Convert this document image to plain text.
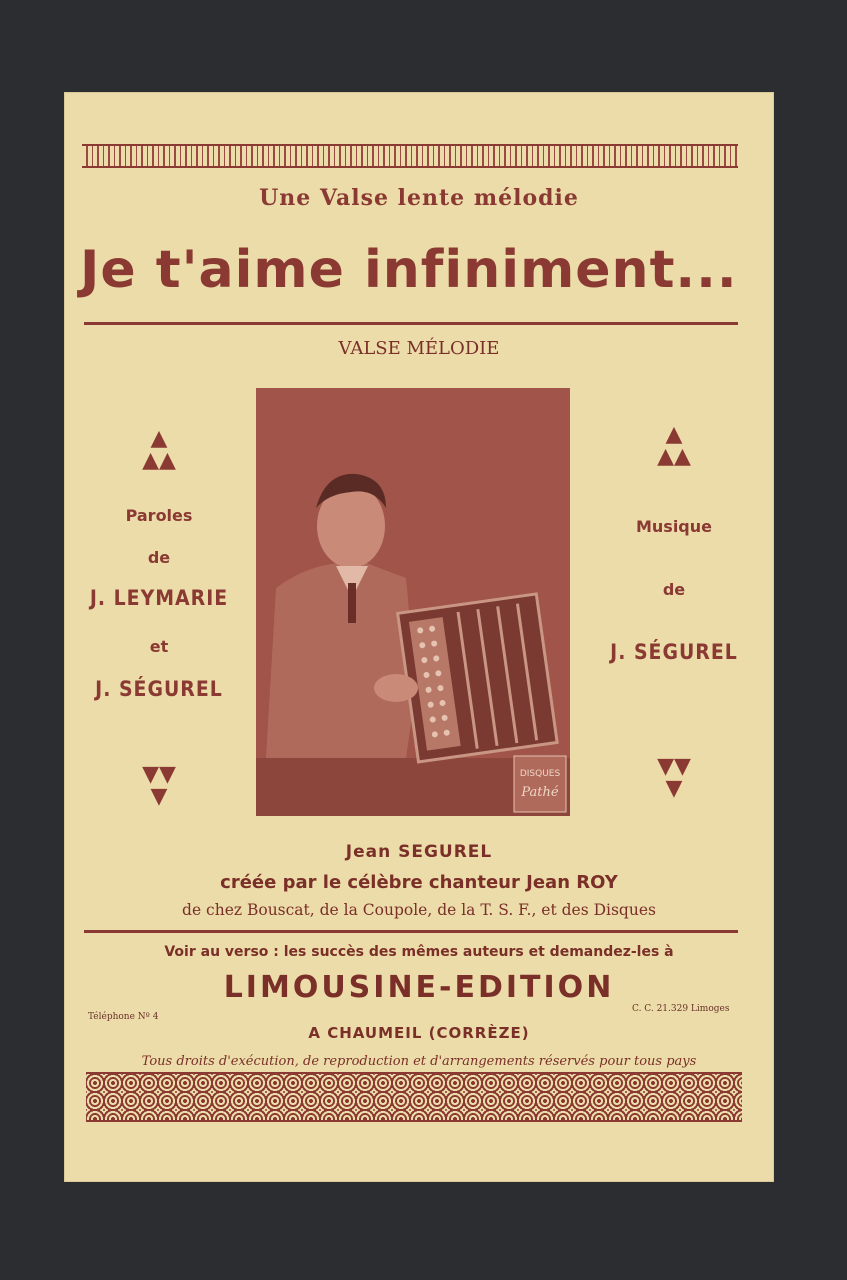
Une Valse lente mélodie
Je t'aime infiniment...
VALSE MÉLODIE
▲
▲▲
Paroles
de
J. LEYMARIE
et
J. SÉGUREL
▼▼
▼
▲
▲▲
Musique
de
J. SÉGUREL
▼▼
▼
DISQUES
Pathé
Jean SEGUREL
créée par le célèbre chanteur Jean ROY
de chez Bouscat, de la Coupole, de la T. S. F., et des Disques
Voir au verso : les succès des mêmes auteurs et demandez-les à
LIMOUSINE-EDITION
Téléphone Nº 4
C. C. 21.329 Limoges
A CHAUMEIL (CORRÈZE)
Tous droits d'exécution, de reproduction et d'arrangements réservés pour tous pays
